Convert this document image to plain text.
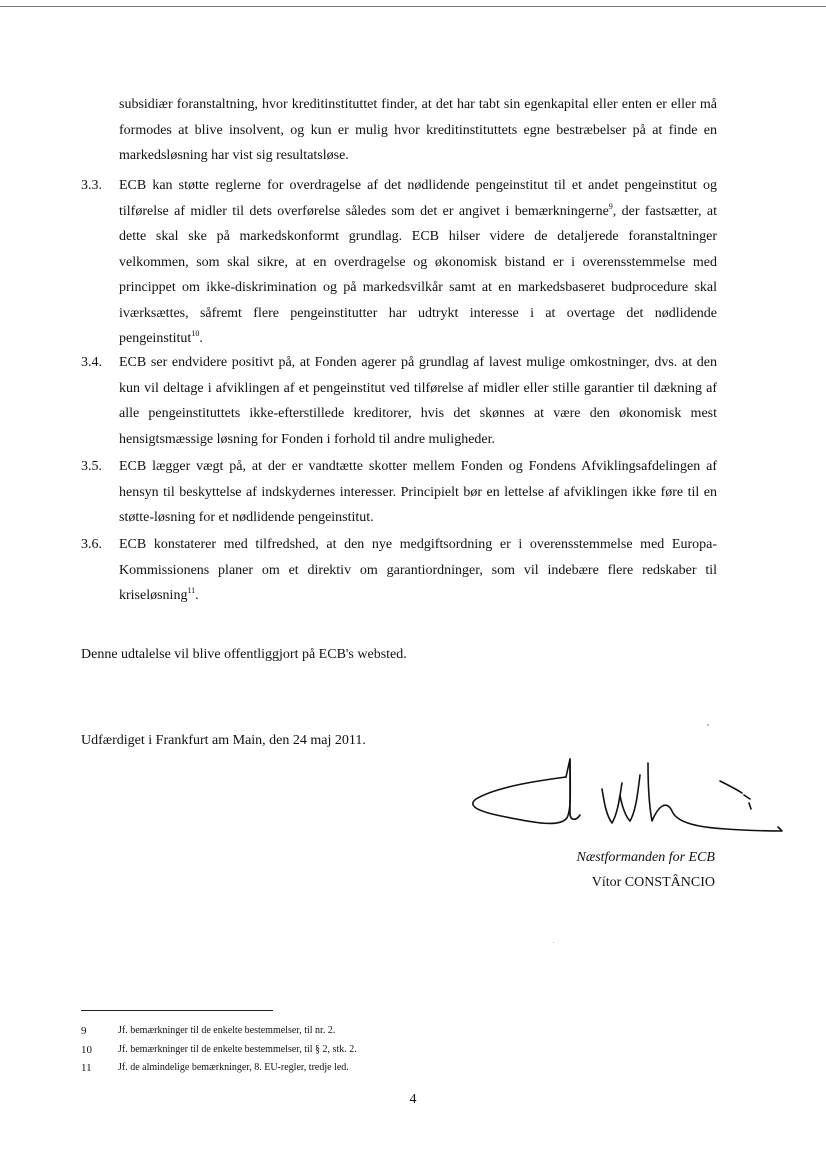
subsidiær foranstaltning, hvor kreditinstituttet finder, at det har tabt sin egenkapital eller enten er eller må formodes at blive insolvent, og kun er mulig hvor kreditinstituttets egne bestræbelser på at finde en markedsløsning har vist sig resultatsløse.

3.3. ECB kan støtte reglerne for overdragelse af det nødlidende pengeinstitut til et andet pengeinstitut og tilførelse af midler til dets overførelse således som det er angivet i bemærkningerne$^9$, der fastsætter, at dette skal ske på markedskonformt grundlag. ECB hilser videre de detaljerede foranstaltninger velkommen, som skal sikre, at en overdragelse og økonomisk bistand er i overensstemmelse med princippet om ikke-diskrimination og på markedsvilkår samt at en markedsbaseret budprocedure skal iværksættes, såfremt flere pengeinstitutter har udtrykt interesse i at overtage det nødlidende pengeinstitut$^{10}$.

3.4. ECB ser endvidere positivt på, at Fonden agerer på grundlag af lavest mulige omkostninger, dvs. at den kun vil deltage i afviklingen af et pengeinstitut ved tilførelse af midler eller stille garantier til dækning af alle pengeinstituttets ikke-efterstillede kreditorer, hvis det skønnes at være den økonomisk mest hensigtsmæssige løsning for Fonden i forhold til andre muligheder.

3.5. ECB lægger vægt på, at der er vandtætte skotter mellem Fonden og Fondens Afviklingsafdelingen af hensyn til beskyttelse af indskydernes interesser. Principielt bør en lettelse af afviklingen ikke føre til en støtte-løsning for et nødlidende pengeinstitut.

3.6. ECB konstaterer med tilfredshed, at den nye medgiftsordning er i overensstemmelse med Europa-Kommissionens planer om et direktiv om garantiordninger, som vil indebære flere redskaber til kriseløsning$^{11}$.

Denne udtalelse vil blive offentliggjort på ECB's websted.

Udfærdiget i Frankfurt am Main, den 24 maj 2011.

Næstformanden for ECB
Vítor CONSTÂNCIO
9	Jf. bemærkninger til de enkelte bestemmelser, til nr. 2.
10	Jf. bemærkninger til de enkelte bestemmelser, til § 2, stk. 2.
11	Jf. de almindelige bemærkninger, 8. EU-regler, tredje led.
4
